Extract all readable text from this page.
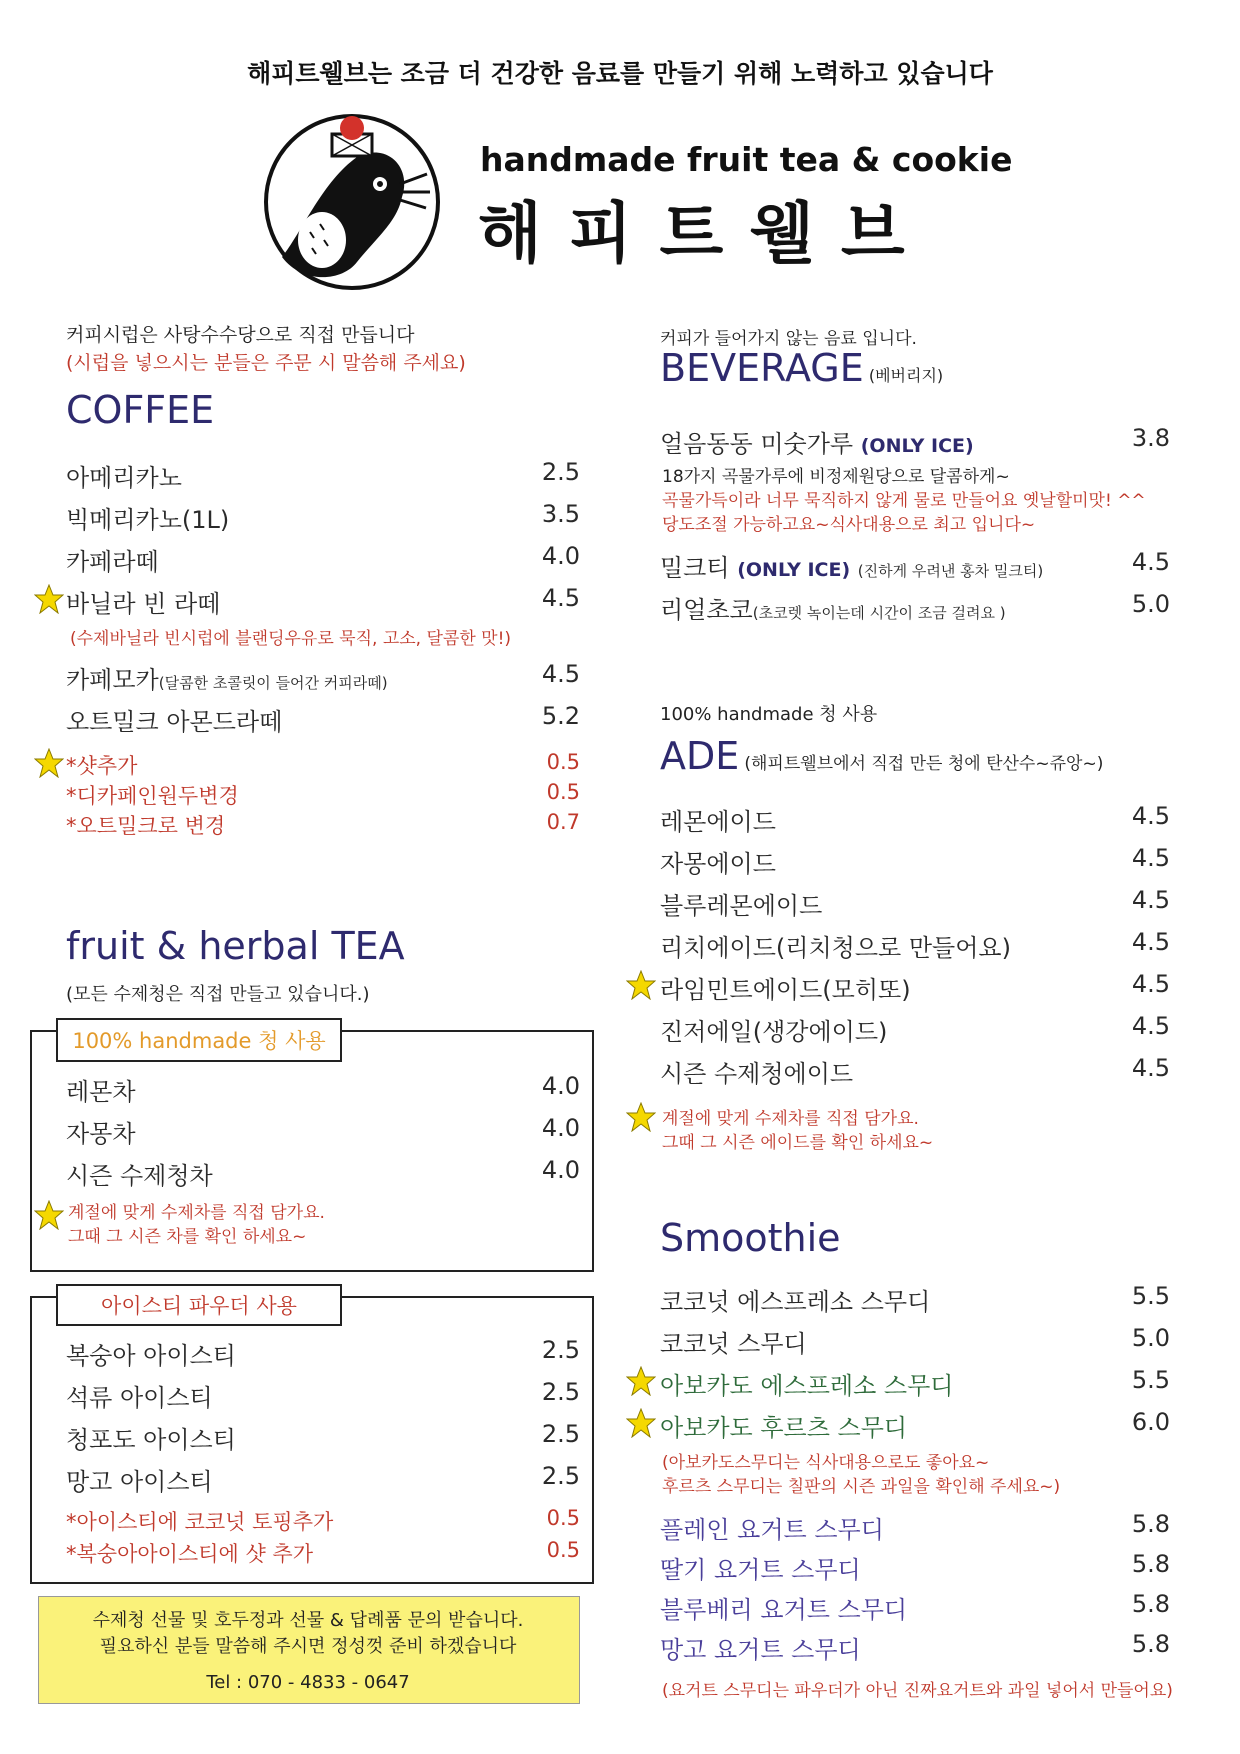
해피트웰브는 조금 더 건강한 음료를 만들기 위해 노력하고 있습니다
handmade fruit tea & cookie
해 피 트 웰 브
커피시럽은 사탕수수당으로 직접 만듭니다
(시럽을 넣으시는 분들은 주문 시 말씀해 주세요)
COFFEE
아메리카노	2.5
빅메리카노(1L)	3.5
카페라떼	4.0
바닐라 빈 라떼	4.5
(수제바닐라 빈시럽에 블랜딩우유로 묵직, 고소, 달콤한 맛!)
카페모카(달콤한 초콜릿이 들어간 커피라떼)	4.5
오트밀크 아몬드라떼	5.2
*샷추가	0.5
*디카페인원두변경	0.5
*오트밀크로 변경	0.7
fruit & herbal TEA
(모든 수제청은 직접 만들고 있습니다.)
100% handmade 청 사용
레몬차	4.0
자몽차	4.0
시즌 수제청차	4.0
계절에 맞게 수제차를 직접 담가요.
그때 그 시즌 차를 확인 하세요~
아이스티 파우더 사용
복숭아 아이스티	2.5
석류 아이스티	2.5
청포도 아이스티	2.5
망고 아이스티	2.5
*아이스티에 코코넛 토핑추가	0.5
*복숭아아이스티에 샷 추가	0.5
수제청 선물 및 호두정과 선물 & 답례품 문의 받습니다.
필요하신 분들 말씀해 주시면 정성껏 준비 하겠습니다
Tel : 070 - 4833 - 0647
커피가 들어가지 않는 음료 입니다.
BEVERAGE (베버리지)
얼음동동 미숫가루 (ONLY ICE)	3.8
18가지 곡물가루에 비정제원당으로 달콤하게~
곡물가득이라 너무 묵직하지 않게 물로 만들어요 옛날할미맛! ^^
당도조절 가능하고요~식사대용으로 최고 입니다~
밀크티 (ONLY ICE) (진하게 우려낸 홍차 밀크티)	4.5
리얼초코(초코렛 녹이는데 시간이 조금 걸려요 )	5.0
100% handmade 청 사용
ADE (해피트웰브에서 직접 만든 청에 탄산수~쥬앙~)
레몬에이드	4.5
자몽에이드	4.5
블루레몬에이드	4.5
리치에이드(리치청으로 만들어요)	4.5
라임민트에이드(모히또)	4.5
진저에일(생강에이드)	4.5
시즌 수제청에이드	4.5
계절에 맞게 수제차를 직접 담가요.
그때 그 시즌 에이드를 확인 하세요~
Smoothie
코코넛 에스프레소 스무디	5.5
코코넛 스무디	5.0
아보카도 에스프레소 스무디	5.5
아보카도 후르츠 스무디	6.0
(아보카도스무디는 식사대용으로도 좋아요~
후르츠 스무디는 칠판의 시즌 과일을 확인해 주세요~)
플레인 요거트 스무디	5.8
딸기 요거트 스무디	5.8
블루베리 요거트 스무디	5.8
망고 요거트 스무디	5.8
(요거트 스무디는 파우더가 아닌 진짜요거트와 과일 넣어서 만들어요)
